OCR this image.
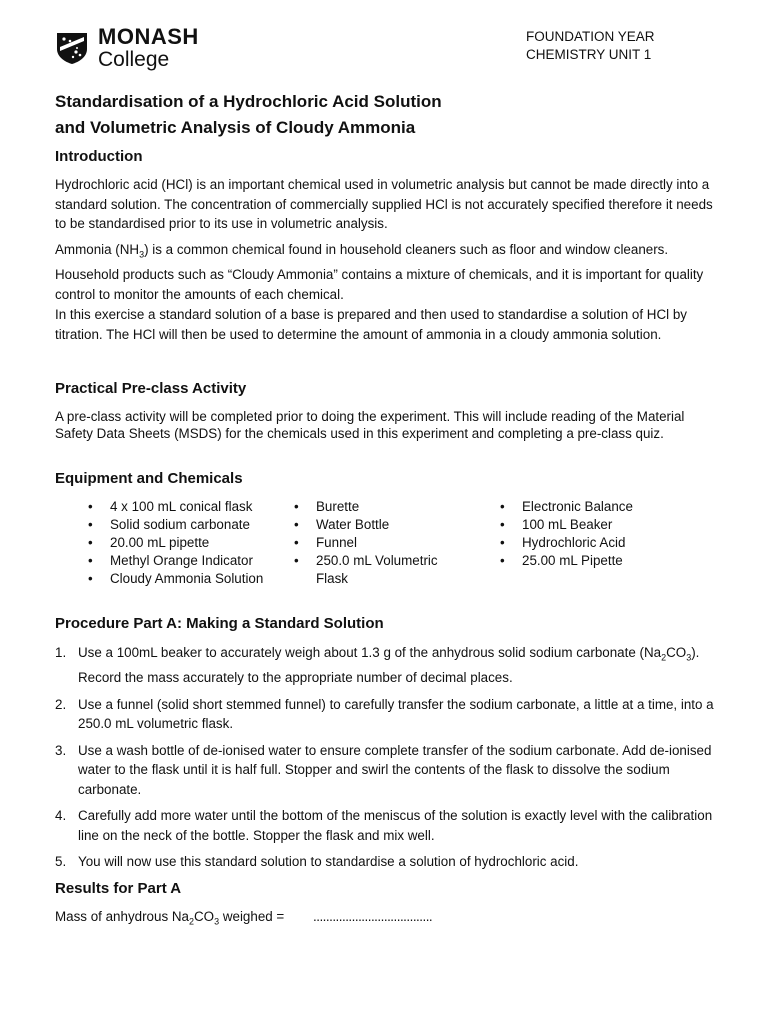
MONASH
College
FOUNDATION YEAR
CHEMISTRY UNIT 1
Standardisation of a Hydrochloric Acid Solution
and Volumetric Analysis of Cloudy Ammonia
Introduction

Hydrochloric acid (HCl) is an important chemical used in volumetric analysis but cannot be made directly into a standard solution. The concentration of commercially supplied HCl is not accurately specified therefore it needs to be standardised prior to its use in volumetric analysis.

Ammonia $(NH_3)$ is a common chemical found in household cleaners such as floor and window cleaners. Household products such as “Cloudy Ammonia” contains a mixture of chemicals, and it is important for quality control to monitor the amounts of each chemical.

In this exercise a standard solution of a base is prepared and then used to standardise a solution of HCl by titration. The HCl will then be used to determine the amount of ammonia in a cloudy ammonia solution.

Practical Pre-class Activity

A pre-class activity will be completed prior to doing the experiment. This will include reading of the Material Safety Data Sheets (MSDS) for the chemicals used in this experiment and completing a pre-class quiz.

Equipment and Chemicals
• 4 x 100 mL conical flask
• Solid sodium carbonate
• 20.00 mL pipette
• Methyl Orange Indicator
• Cloudy Ammonia Solution
• Burette
• Water Bottle
• Funnel
• 250.0 mL Volumetric Flask
• Electronic Balance
• 100 mL Beaker
• Hydrochloric Acid
• 25.00 mL Pipette
Procedure Part A: Making a Standard Solution
1. Use a 100mL beaker to accurately weigh about 1.3 g of the anhydrous solid sodium carbonate $(Na_2CO_3)$. Record the mass accurately to the appropriate number of decimal places.
2. Use a funnel (solid short stemmed funnel) to carefully transfer the sodium carbonate, a little at a time, into a 250.0 mL volumetric flask.
3. Use a wash bottle of de-ionised water to ensure complete transfer of the sodium carbonate. Add de-ionised water to the flask until it is half full. Stopper and swirl the contents of the flask to dissolve the sodium carbonate.
4. Carefully add more water until the bottom of the meniscus of the solution is exactly level with the calibration line on the neck of the bottle. Stopper the flask and mix well.
5. You will now use this standard solution to standardise a solution of hydrochloric acid.
Results for Part A
Mass of anhydrous $Na_2CO_3$ weighed = .....................................
